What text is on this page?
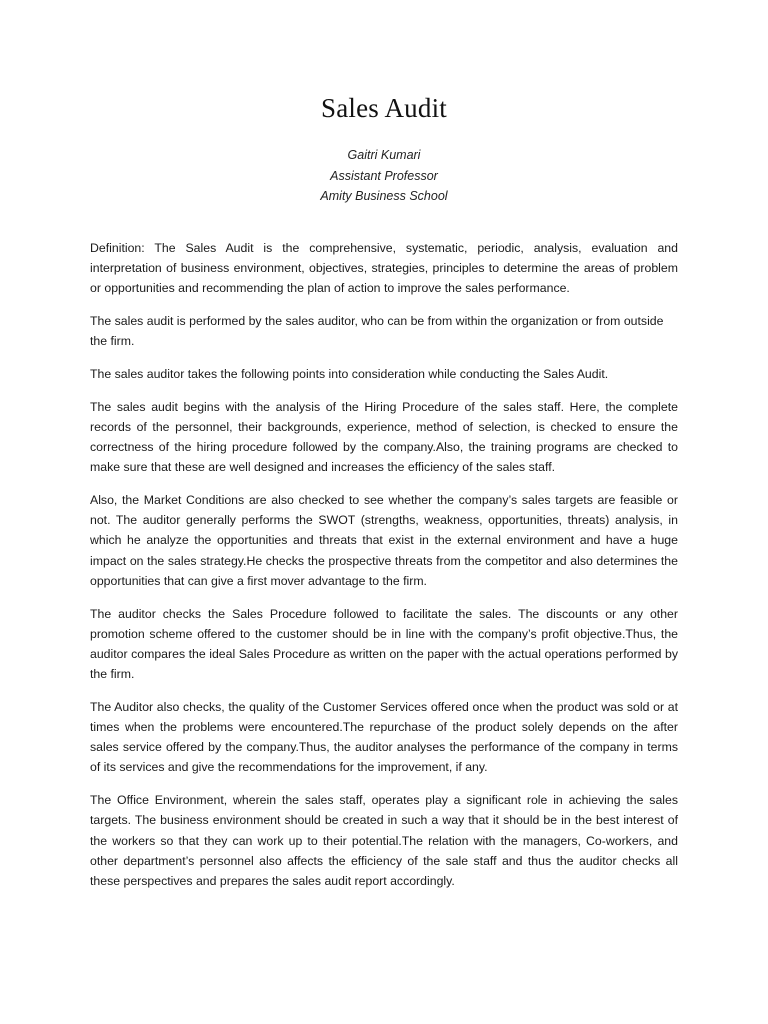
Sales Audit
Gaitri Kumari
Assistant Professor
Amity Business School

Definition: The Sales Audit is the comprehensive, systematic, periodic, analysis, evaluation and interpretation of business environment, objectives, strategies, principles to determine the areas of problem or opportunities and recommending the plan of action to improve the sales performance.

The sales audit is performed by the sales auditor, who can be from within the organization or from outside the firm.

The sales auditor takes the following points into consideration while conducting the Sales Audit.

The sales audit begins with the analysis of the Hiring Procedure of the sales staff. Here, the complete records of the personnel, their backgrounds, experience, method of selection, is checked to ensure the correctness of the hiring procedure followed by the company.Also, the training programs are checked to make sure that these are well designed and increases the efficiency of the sales staff.

Also, the Market Conditions are also checked to see whether the company’s sales targets are feasible or not. The auditor generally performs the SWOT (strengths, weakness, opportunities, threats) analysis, in which he analyze the opportunities and threats that exist in the external environment and have a huge impact on the sales strategy.He checks the prospective threats from the competitor and also determines the opportunities that can give a first mover advantage to the firm.

The auditor checks the Sales Procedure followed to facilitate the sales. The discounts or any other promotion scheme offered to the customer should be in line with the company’s profit objective.Thus, the auditor compares the ideal Sales Procedure as written on the paper with the actual operations performed by the firm.

The Auditor also checks, the quality of the Customer Services offered once when the product was sold or at times when the problems were encountered.The repurchase of the product solely depends on the after sales service offered by the company.Thus, the auditor analyses the performance of the company in terms of its services and give the recommendations for the improvement, if any.

The Office Environment, wherein the sales staff, operates play a significant role in achieving the sales targets. The business environment should be created in such a way that it should be in the best interest of the workers so that they can work up to their potential.The relation with the managers, Co-workers, and other department’s personnel also affects the efficiency of the sale staff and thus the auditor checks all these perspectives and prepares the sales audit report accordingly.
